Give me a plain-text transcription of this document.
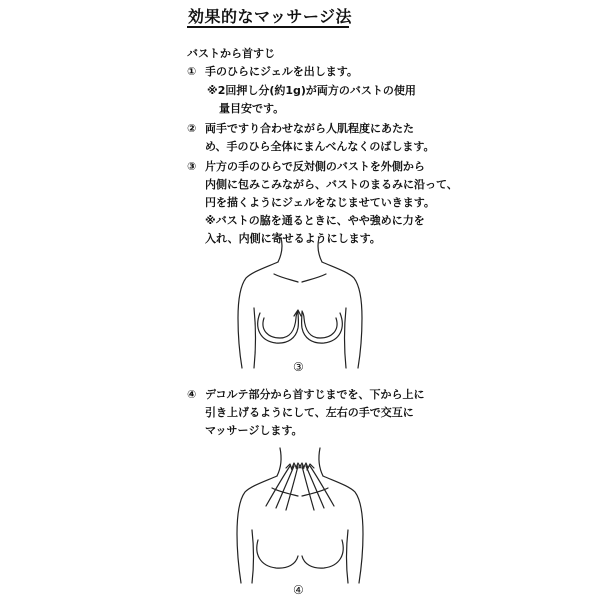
効果的なマッサージ法
バストから首すじ
① 手のひらにジェルを出します。
※2回押し分(約1g)が両方のバストの使用
量目安です。
② 両手ですり合わせながら人肌程度にあたた
め、手のひら全体にまんべんなくのばします。
③ 片方の手のひらで反対側のバストを外側から
内側に包みこみながら、バストのまるみに沿って、
円を描くようにジェルをなじませていきます。
※バストの脇を通るときに、やや強めに力を
入れ、内側に寄せるようにします。
③
④ デコルテ部分から首すじまでを、下から上に
引き上げるようにして、左右の手で交互に
マッサージします。
④
